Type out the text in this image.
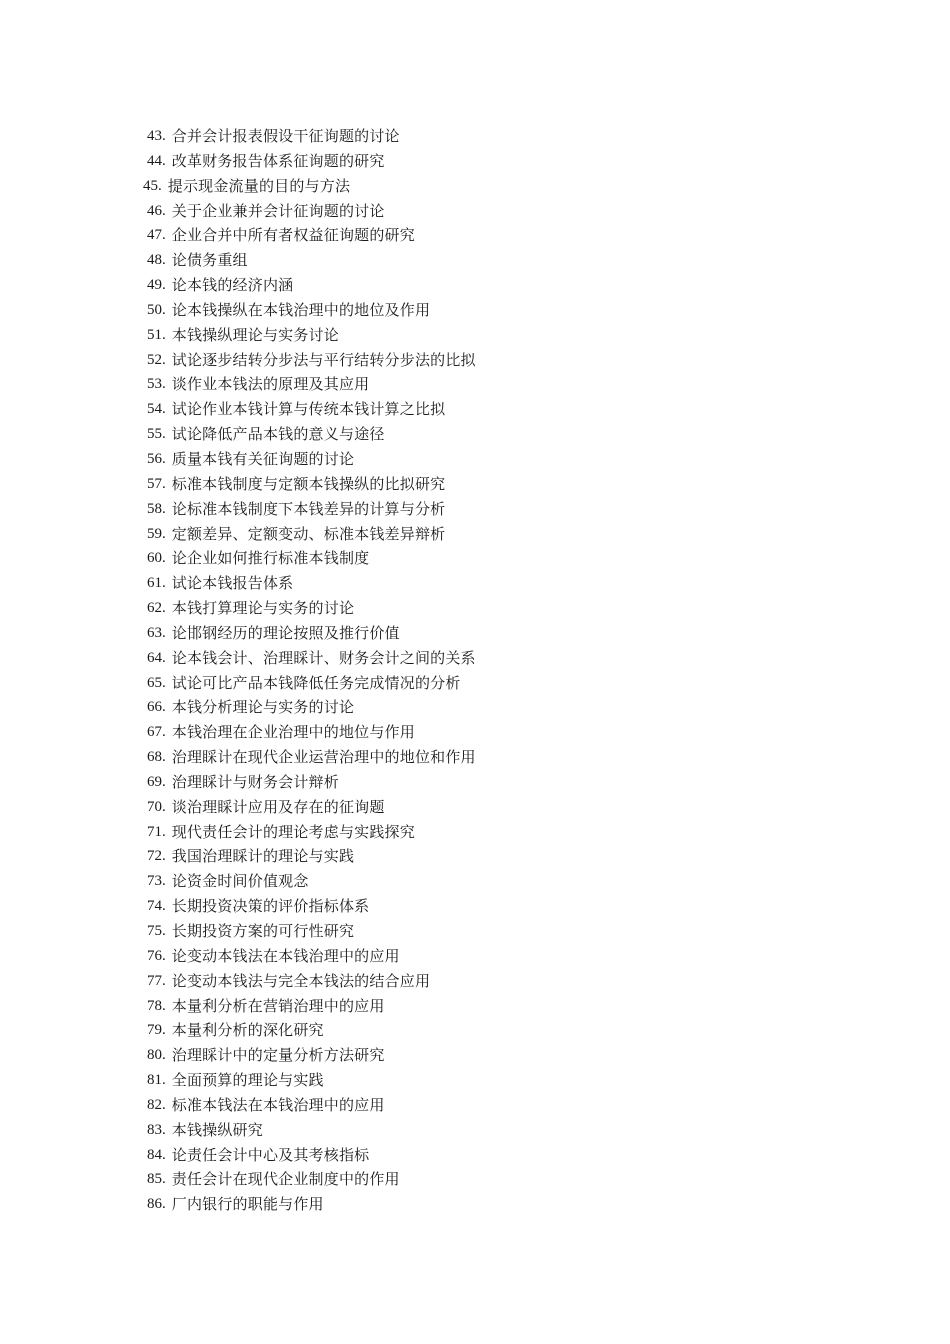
43. 合并会计报表假设干征询题的讨论
44. 改革财务报告体系征询题的研究
45. 提示现金流量的目的与方法
46. 关于企业兼并会计征询题的讨论
47. 企业合并中所有者权益征询题的研究
48. 论债务重组
49. 论本钱的经济内涵
50. 论本钱操纵在本钱治理中的地位及作用
51. 本钱操纵理论与实务讨论
52. 试论逐步结转分步法与平行结转分步法的比拟
53. 谈作业本钱法的原理及其应用
54. 试论作业本钱计算与传统本钱计算之比拟
55. 试论降低产品本钱的意义与途径
56. 质量本钱有关征询题的讨论
57. 标准本钱制度与定额本钱操纵的比拟研究
58. 论标准本钱制度下本钱差异的计算与分析
59. 定额差异、定额变动、标准本钱差异辩析
60. 论企业如何推行标准本钱制度
61. 试论本钱报告体系
62. 本钱打算理论与实务的讨论
63. 论邯钢经历的理论按照及推行价值
64. 论本钱会计、治理睬计、财务会计之间的关系
65. 试论可比产品本钱降低任务完成情况的分析
66. 本钱分析理论与实务的讨论
67. 本钱治理在企业治理中的地位与作用
68. 治理睬计在现代企业运营治理中的地位和作用
69. 治理睬计与财务会计辩析
70. 谈治理睬计应用及存在的征询题
71. 现代责任会计的理论考虑与实践探究
72. 我国治理睬计的理论与实践
73. 论资金时间价值观念
74. 长期投资决策的评价指标体系
75. 长期投资方案的可行性研究
76. 论变动本钱法在本钱治理中的应用
77. 论变动本钱法与完全本钱法的结合应用
78. 本量利分析在营销治理中的应用
79. 本量利分析的深化研究
80. 治理睬计中的定量分析方法研究
81. 全面预算的理论与实践
82. 标准本钱法在本钱治理中的应用
83. 本钱操纵研究
84. 论责任会计中心及其考核指标
85. 责任会计在现代企业制度中的作用
86. 厂内银行的职能与作用
